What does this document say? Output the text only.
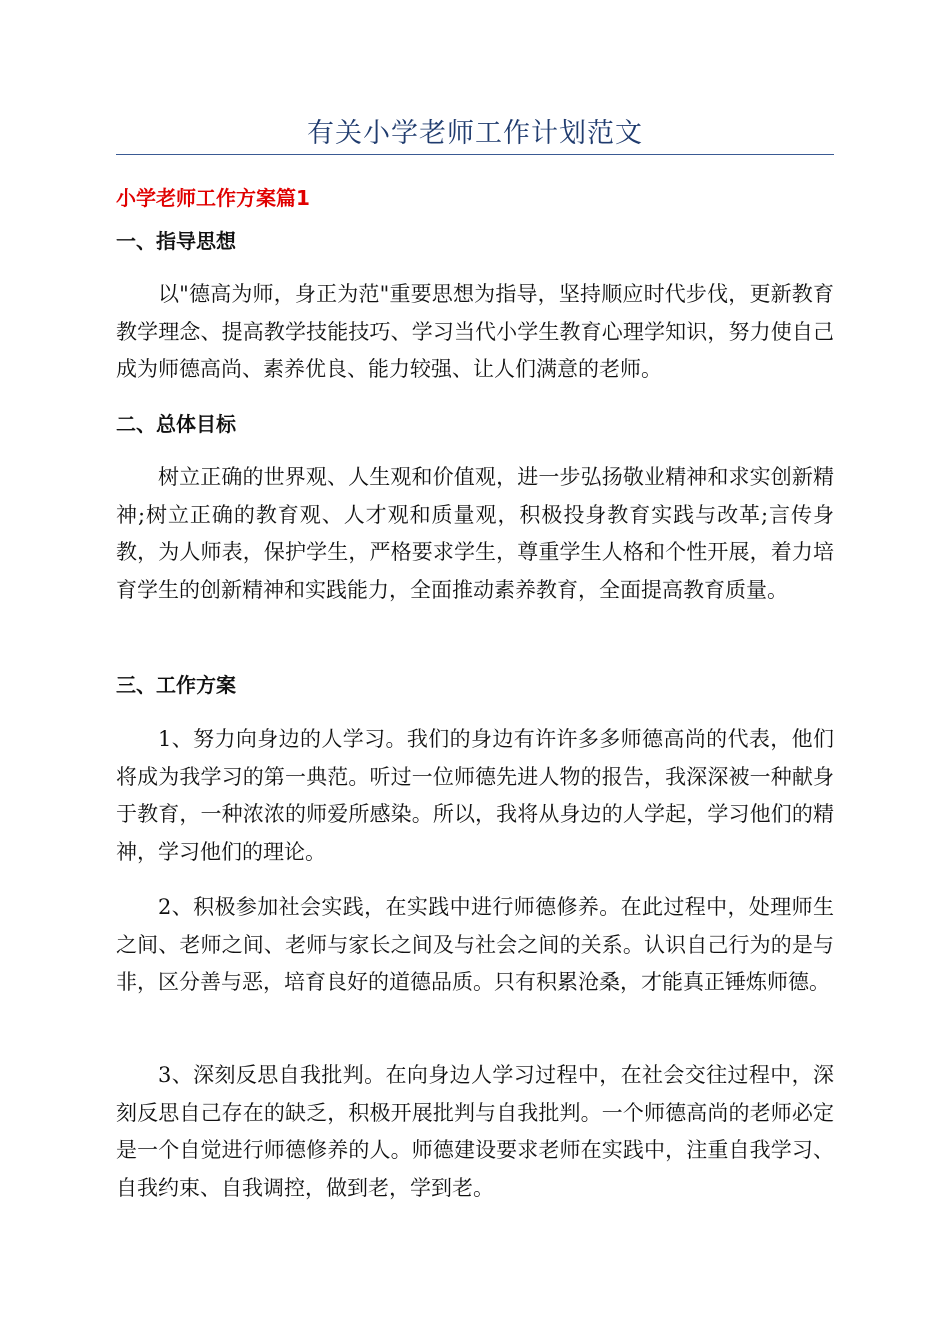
有关小学老师工作计划范文
小学老师工作方案篇1
一、指导思想

以"德高为师，身正为范"重要思想为指导，坚持顺应时代步伐，更新教育教学理念、提高教学技能技巧、学习当代小学生教育心理学知识，努力使自己成为师德高尚、素养优良、能力较强、让人们满意的老师。

二、总体目标

树立正确的世界观、人生观和价值观，进一步弘扬敬业精神和求实创新精神;树立正确的教育观、人才观和质量观，积极投身教育实践与改革;言传身教，为人师表，保护学生，严格要求学生，尊重学生人格和个性开展，着力培育学生的创新精神和实践能力，全面推动素养教育，全面提高教育质量。

三、工作方案

1、努力向身边的人学习。我们的身边有许许多多师德高尚的代表，他们将成为我学习的第一典范。听过一位师德先进人物的报告，我深深被一种献身于教育，一种浓浓的师爱所感染。所以，我将从身边的人学起，学习他们的精神，学习他们的理论。

2、积极参加社会实践，在实践中进行师德修养。在此过程中，处理师生之间、老师之间、老师与家长之间及与社会之间的关系。认识自己行为的是与非，区分善与恶，培育良好的道德品质。只有积累沧桑，才能真正锤炼师德。

3、深刻反思自我批判。在向身边人学习过程中，在社会交往过程中，深刻反思自己存在的缺乏，积极开展批判与自我批判。一个师德高尚的老师必定是一个自觉进行师德修养的人。师德建设要求老师在实践中，注重自我学习、自我约束、自我调控，做到老，学到老。
